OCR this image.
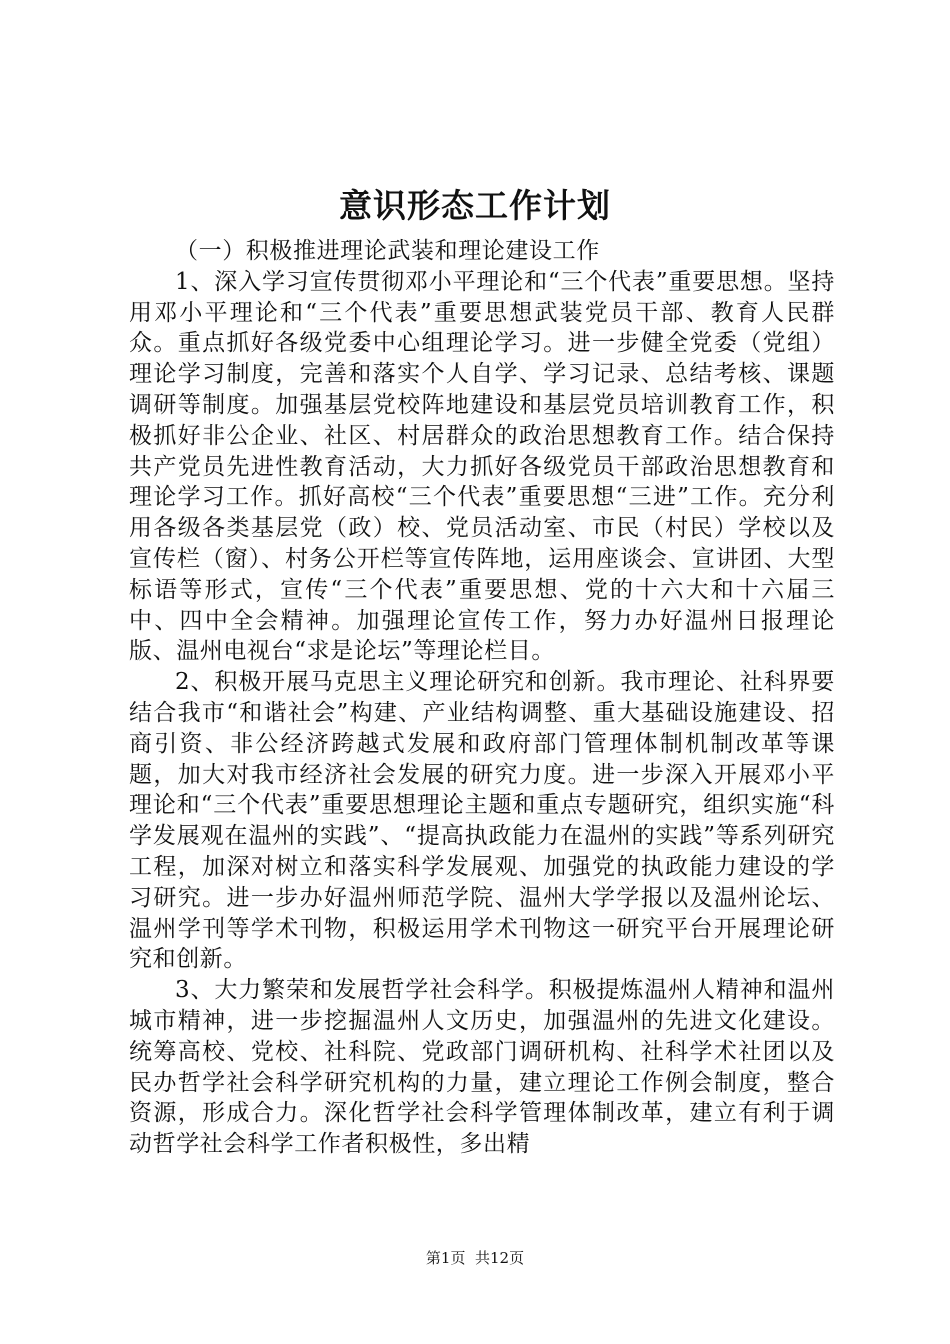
意识形态工作计划

（一）积极推进理论武装和理论建设工作

1、深入学习宣传贯彻邓小平理论和“三个代表”重要思想。坚持用邓小平理论和“三个代表”重要思想武装党员干部、教育人民群众。重点抓好各级党委中心组理论学习。进一步健全党委（党组）理论学习制度，完善和落实个人自学、学习记录、总结考核、课题调研等制度。加强基层党校阵地建设和基层党员培训教育工作，积极抓好非公企业、社区、村居群众的政治思想教育工作。结合保持共产党员先进性教育活动，大力抓好各级党员干部政治思想教育和理论学习工作。抓好高校“三个代表”重要思想“三进”工作。充分利用各级各类基层党（政）校、党员活动室、市民（村民）学校以及宣传栏（窗）、村务公开栏等宣传阵地，运用座谈会、宣讲团、大型标语等形式，宣传“三个代表”重要思想、党的十六大和十六届三中、四中全会精神。加强理论宣传工作，努力办好温州日报理论版、温州电视台“求是论坛”等理论栏目。

2、积极开展马克思主义理论研究和创新。我市理论、社科界要结合我市“和谐社会”构建、产业结构调整、重大基础设施建设、招商引资、非公经济跨越式发展和政府部门管理体制机制改革等课题，加大对我市经济社会发展的研究力度。进一步深入开展邓小平理论和“三个代表”重要思想理论主题和重点专题研究，组织实施“科学发展观在温州的实践”、“提高执政能力在温州的实践”等系列研究工程，加深对树立和落实科学发展观、加强党的执政能力建设的学习研究。进一步办好温州师范学院、温州大学学报以及温州论坛、温州学刊等学术刊物，积极运用学术刊物这一研究平台开展理论研究和创新。

3、大力繁荣和发展哲学社会科学。积极提炼温州人精神和温州城市精神，进一步挖掘温州人文历史，加强温州的先进文化建设。统筹高校、党校、社科院、党政部门调研机构、社科学术社团以及民办哲学社会科学研究机构的力量，建立理论工作例会制度，整合资源，形成合力。深化哲学社会科学管理体制改革，建立有利于调动哲学社会科学工作者积极性，多出精

第1页  共12页
